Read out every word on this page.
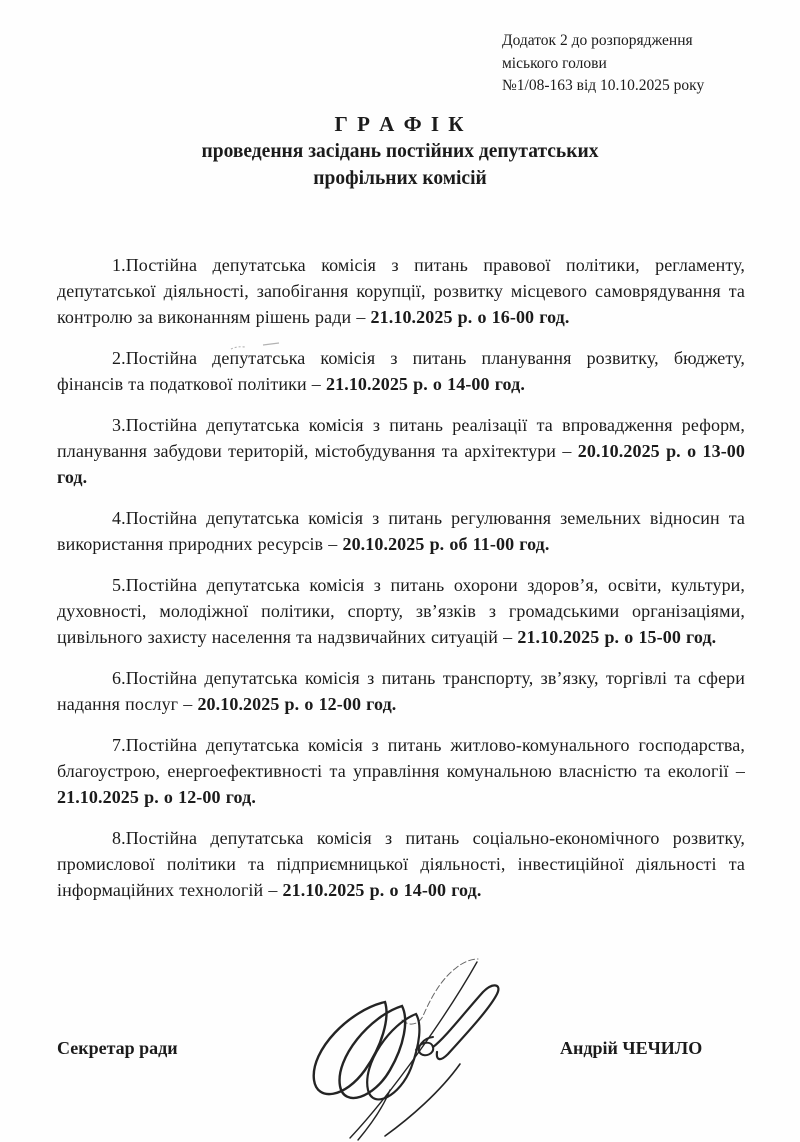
Додаток 2 до розпорядження
міського голови
№1/08-163 від 10.10.2025 року
Г Р А Ф І К
проведення засідань постійних депутатських
профільних комісій

1.Постійна депутатська комісія з питань правової політики, регламенту, депутатської діяльності, запобігання корупції, розвитку місцевого самоврядування та контролю за виконанням рішень ради – 21.10.2025 р. о 16-00 год.

2.Постійна депутатська комісія з питань планування розвитку, бюджету, фінансів та податкової політики – 21.10.2025 р. о 14-00 год.

3.Постійна депутатська комісія з питань реалізації та впровадження реформ, планування забудови територій, містобудування та архітектури – 20.10.2025 р. о 13-00 год.

4.Постійна депутатська комісія з питань регулювання земельних відносин та використання природних ресурсів – 20.10.2025 р. об 11-00 год.

5.Постійна депутатська комісія з питань охорони здоров’я, освіти, культури, духовності, молодіжної політики, спорту, зв’язків з громадськими організаціями, цивільного захисту населення та надзвичайних ситуацій – 21.10.2025 р. о 15-00 год.

6.Постійна депутатська комісія з питань транспорту, зв’язку, торгівлі та сфери надання послуг – 20.10.2025 р. о 12-00 год.

7.Постійна депутатська комісія з питань житлово-комунального господарства, благоустрою, енергоефективності та управління комунальною власністю та екології – 21.10.2025 р. о 12-00 год.

8.Постійна депутатська комісія з питань соціально-економічного розвитку, промислової політики та підприємницької діяльності, інвестиційної діяльності та інформаційних технологій – 21.10.2025 р. о 14-00 год.

Секретар ради	Андрій ЧЕЧИЛО
